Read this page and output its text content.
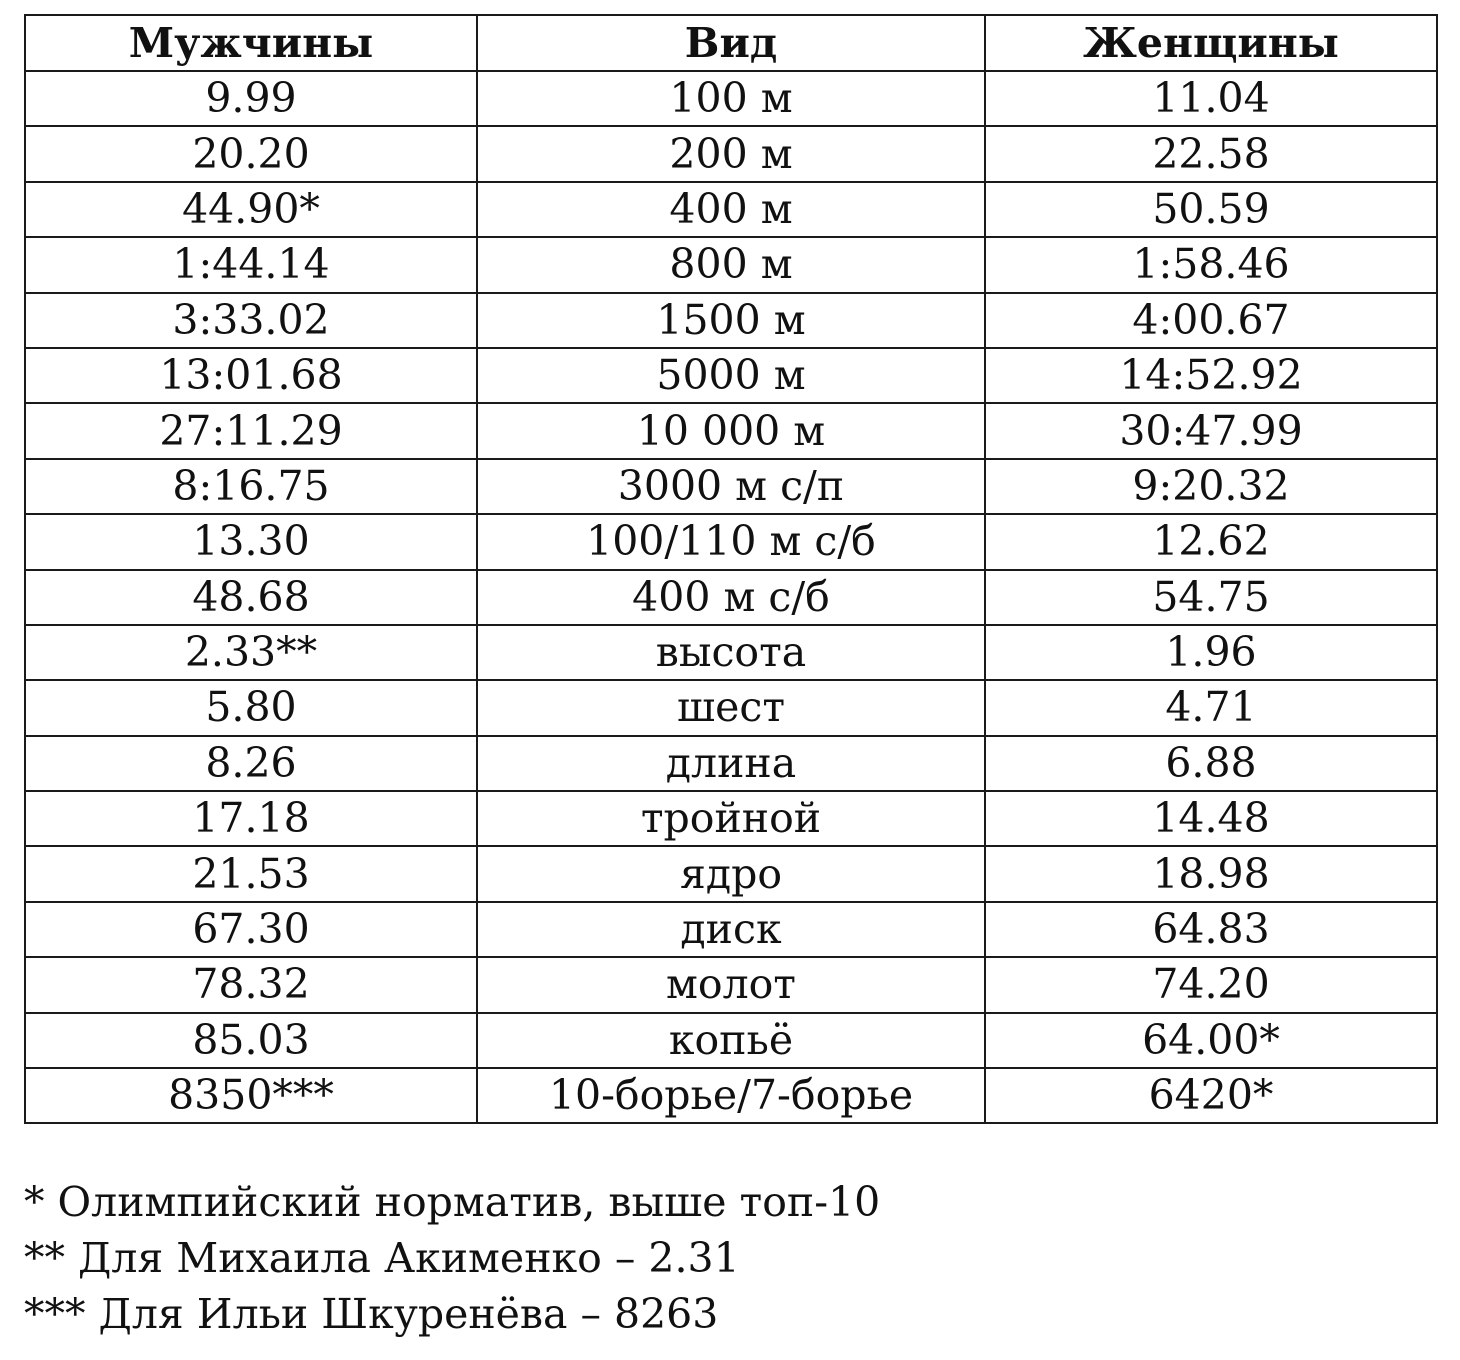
Мужчины	Вид	Женщины
9.99	100 м	11.04
20.20	200 м	22.58
44.90*	400 м	50.59
1:44.14	800 м	1:58.46
3:33.02	1500 м	4:00.67
13:01.68	5000 м	14:52.92
27:11.29	10 000 м	30:47.99
8:16.75	3000 м с/п	9:20.32
13.30	100/110 м с/б	12.62
48.68	400 м с/б	54.75
2.33**	высота	1.96
5.80	шест	4.71
8.26	длина	6.88
17.18	тройной	14.48
21.53	ядро	18.98
67.30	диск	64.83
78.32	молот	74.20
85.03	копьё	64.00*
8350***	10-борье/7-борье	6420*
* Олимпийский норматив, выше топ-10
** Для Михаила Акименко – 2.31
*** Для Ильи Шкуренёва – 8263
